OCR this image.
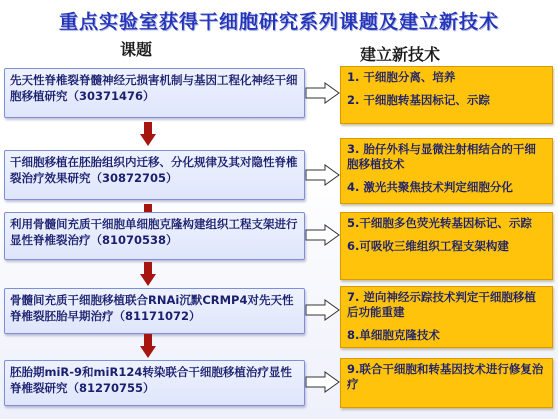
重点实验室获得干细胞研究系列课题及建立新技术
课题	建立新技术
先天性脊椎裂脊髓神经元损害机制与基因工程化神经干细胞移植研究（30371476）

1. 干细胞分离、培养

2. 干细胞转基因标记、示踪

干细胞移植在胚胎组织内迁移、分化规律及其对隐性脊椎裂治疗效果研究（30872705）

3. 胎仔外科与显微注射相结合的干细胞移植技术

4. 激光共聚焦技术判定细胞分化

利用骨髓间充质干细胞单细胞克隆构建组织工程支架进行显性脊椎裂治疗（81070538）

5.干细胞多色荧光转基因标记、示踪

6.可吸收三维组织工程支架构建

骨髓间充质干细胞移植联合RNAi沉默CRMP4对先天性脊椎裂胚胎早期治疗（81171072）

7. 逆向神经示踪技术判定干细胞移植后功能重建

8.单细胞克隆技术

胚胎期miR-9和miR124转染联合干细胞移植治疗显性脊椎裂研究（81270755）

9.联合干细胞和转基因技术进行修复治疗
